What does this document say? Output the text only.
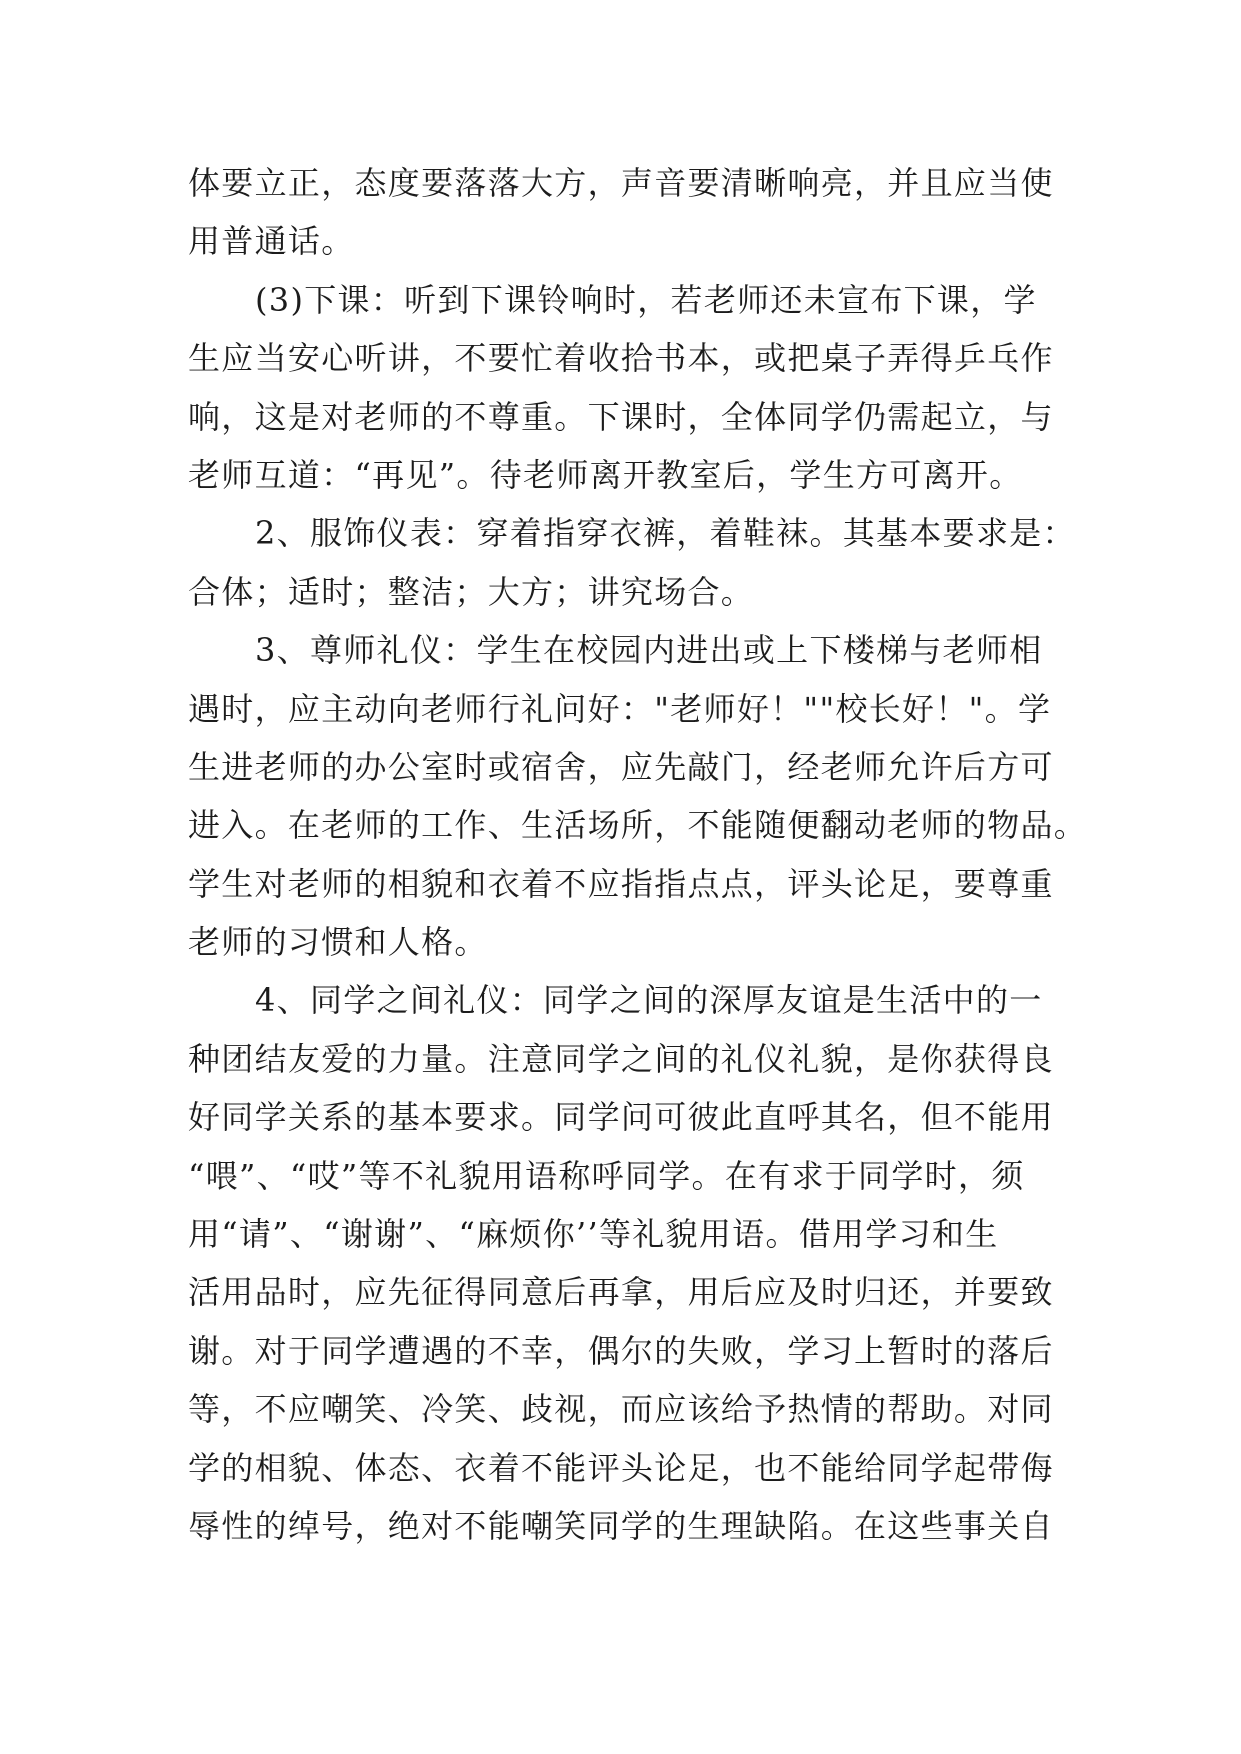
体要立正，态度要落落大方，声音要清晰响亮，并且应当使
用普通话。
(3)下课：听到下课铃响时，若老师还未宣布下课，学
生应当安心听讲，不要忙着收拾书本，或把桌子弄得乒乓作
响，这是对老师的不尊重。下课时，全体同学仍需起立，与
老师互道：“再见”。待老师离开教室后，学生方可离开。
2、服饰仪表：穿着指穿衣裤，着鞋袜。其基本要求是：
合体；适时；整洁；大方；讲究场合。
3、尊师礼仪：学生在校园内进出或上下楼梯与老师相
遇时，应主动向老师行礼问好："老师好！""校长好！"。学
生进老师的办公室时或宿舍，应先敲门，经老师允许后方可
进入。在老师的工作、生活场所，不能随便翻动老师的物品。
学生对老师的相貌和衣着不应指指点点，评头论足，要尊重
老师的习惯和人格。
4、同学之间礼仪：同学之间的深厚友谊是生活中的一
种团结友爱的力量。注意同学之间的礼仪礼貌，是你获得良
好同学关系的基本要求。同学问可彼此直呼其名，但不能用
“喂”、“哎”等不礼貌用语称呼同学。在有求于同学时，须
用“请”、“谢谢”、“麻烦你’’等礼貌用语。借用学习和生
活用品时，应先征得同意后再拿，用后应及时归还，并要致
谢。对于同学遭遇的不幸，偶尔的失败，学习上暂时的落后
等，不应嘲笑、冷笑、歧视，而应该给予热情的帮助。对同
学的相貌、体态、衣着不能评头论足，也不能给同学起带侮
辱性的绰号，绝对不能嘲笑同学的生理缺陷。在这些事关自
